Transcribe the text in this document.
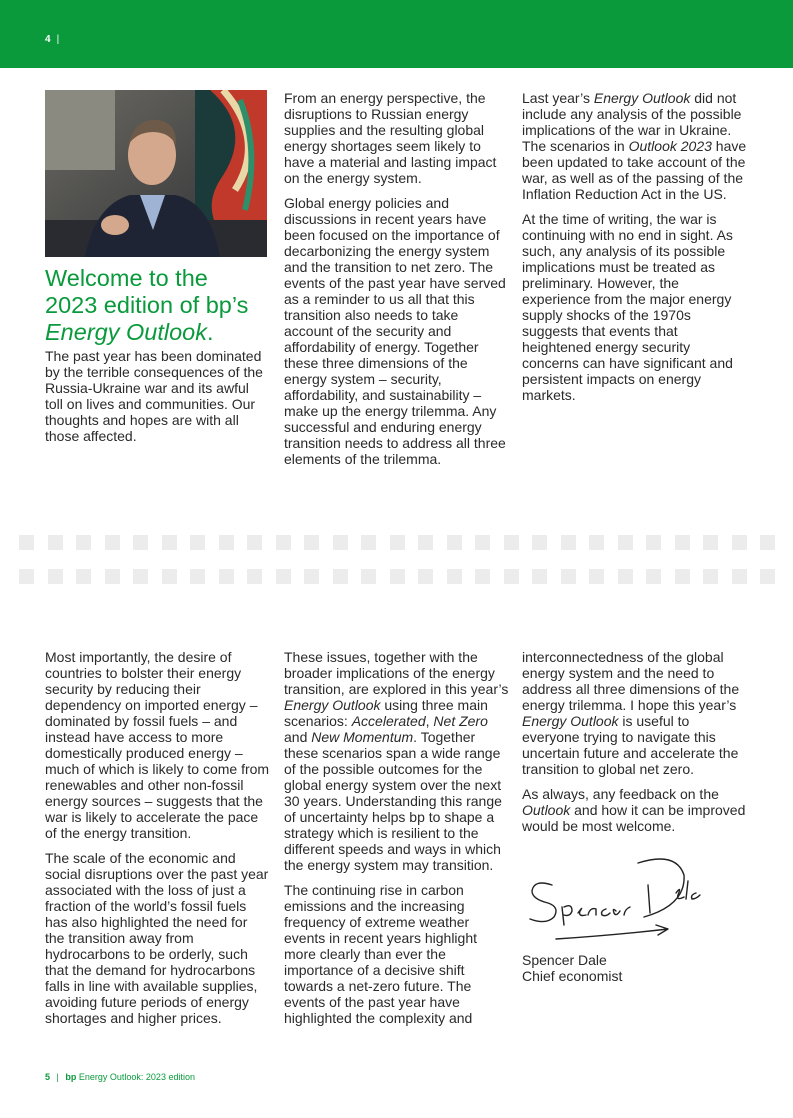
4 |
Welcome to the
2023 edition of bp’s
Energy Outlook.

The past year has been dominated by the terrible consequences of the Russia-Ukraine war and its awful toll on lives and communities. Our thoughts and hopes are with all those affected.

From an energy perspective, the disruptions to Russian energy supplies and the resulting global energy shortages seem likely to have a material and lasting impact on the energy system.

Global energy policies and discussions in recent years have been focused on the importance of decarbonizing the energy system and the transition to net zero. The events of the past year have served as a reminder to us all that this transition also needs to take account of the security and affordability of energy. Together these three dimensions of the energy system – security, affordability, and sustainability – make up the energy trilemma. Any successful and enduring energy transition needs to address all three elements of the trilemma.

Last year’s Energy Outlook did not include any analysis of the possible implications of the war in Ukraine. The scenarios in Outlook 2023 have been updated to take account of the war, as well as of the passing of the Inflation Reduction Act in the US.

At the time of writing, the war is continuing with no end in sight. As such, any analysis of its possible implications must be treated as preliminary. However, the experience from the major energy supply shocks of the 1970s suggests that events that heightened energy security concerns can have significant and persistent impacts on energy markets.

Most importantly, the desire of countries to bolster their energy security by reducing their dependency on imported energy – dominated by fossil fuels – and instead have access to more domestically produced energy – much of which is likely to come from renewables and other non-fossil energy sources – suggests that the war is likely to accelerate the pace of the energy transition.

The scale of the economic and social disruptions over the past year associated with the loss of just a fraction of the world’s fossil fuels has also highlighted the need for the transition away from hydrocarbons to be orderly, such that the demand for hydrocarbons falls in line with available supplies, avoiding future periods of energy shortages and higher prices.

These issues, together with the broader implications of the energy transition, are explored in this year’s Energy Outlook using three main scenarios: Accelerated, Net Zero and New Momentum. Together these scenarios span a wide range of the possible outcomes for the global energy system over the next 30 years. Understanding this range of uncertainty helps bp to shape a strategy which is resilient to the different speeds and ways in which the energy system may transition.

The continuing rise in carbon emissions and the increasing frequency of extreme weather events in recent years highlight more clearly than ever the importance of a decisive shift towards a net-zero future. The events of the past year have highlighted the complexity and

interconnectedness of the global energy system and the need to address all three dimensions of the energy trilemma. I hope this year’s Energy Outlook is useful to everyone trying to navigate this uncertain future and accelerate the transition to global net zero.

As always, any feedback on the Outlook and how it can be improved would be most welcome.

Spencer Dale
Chief economist
5 | bp Energy Outlook: 2023 edition
